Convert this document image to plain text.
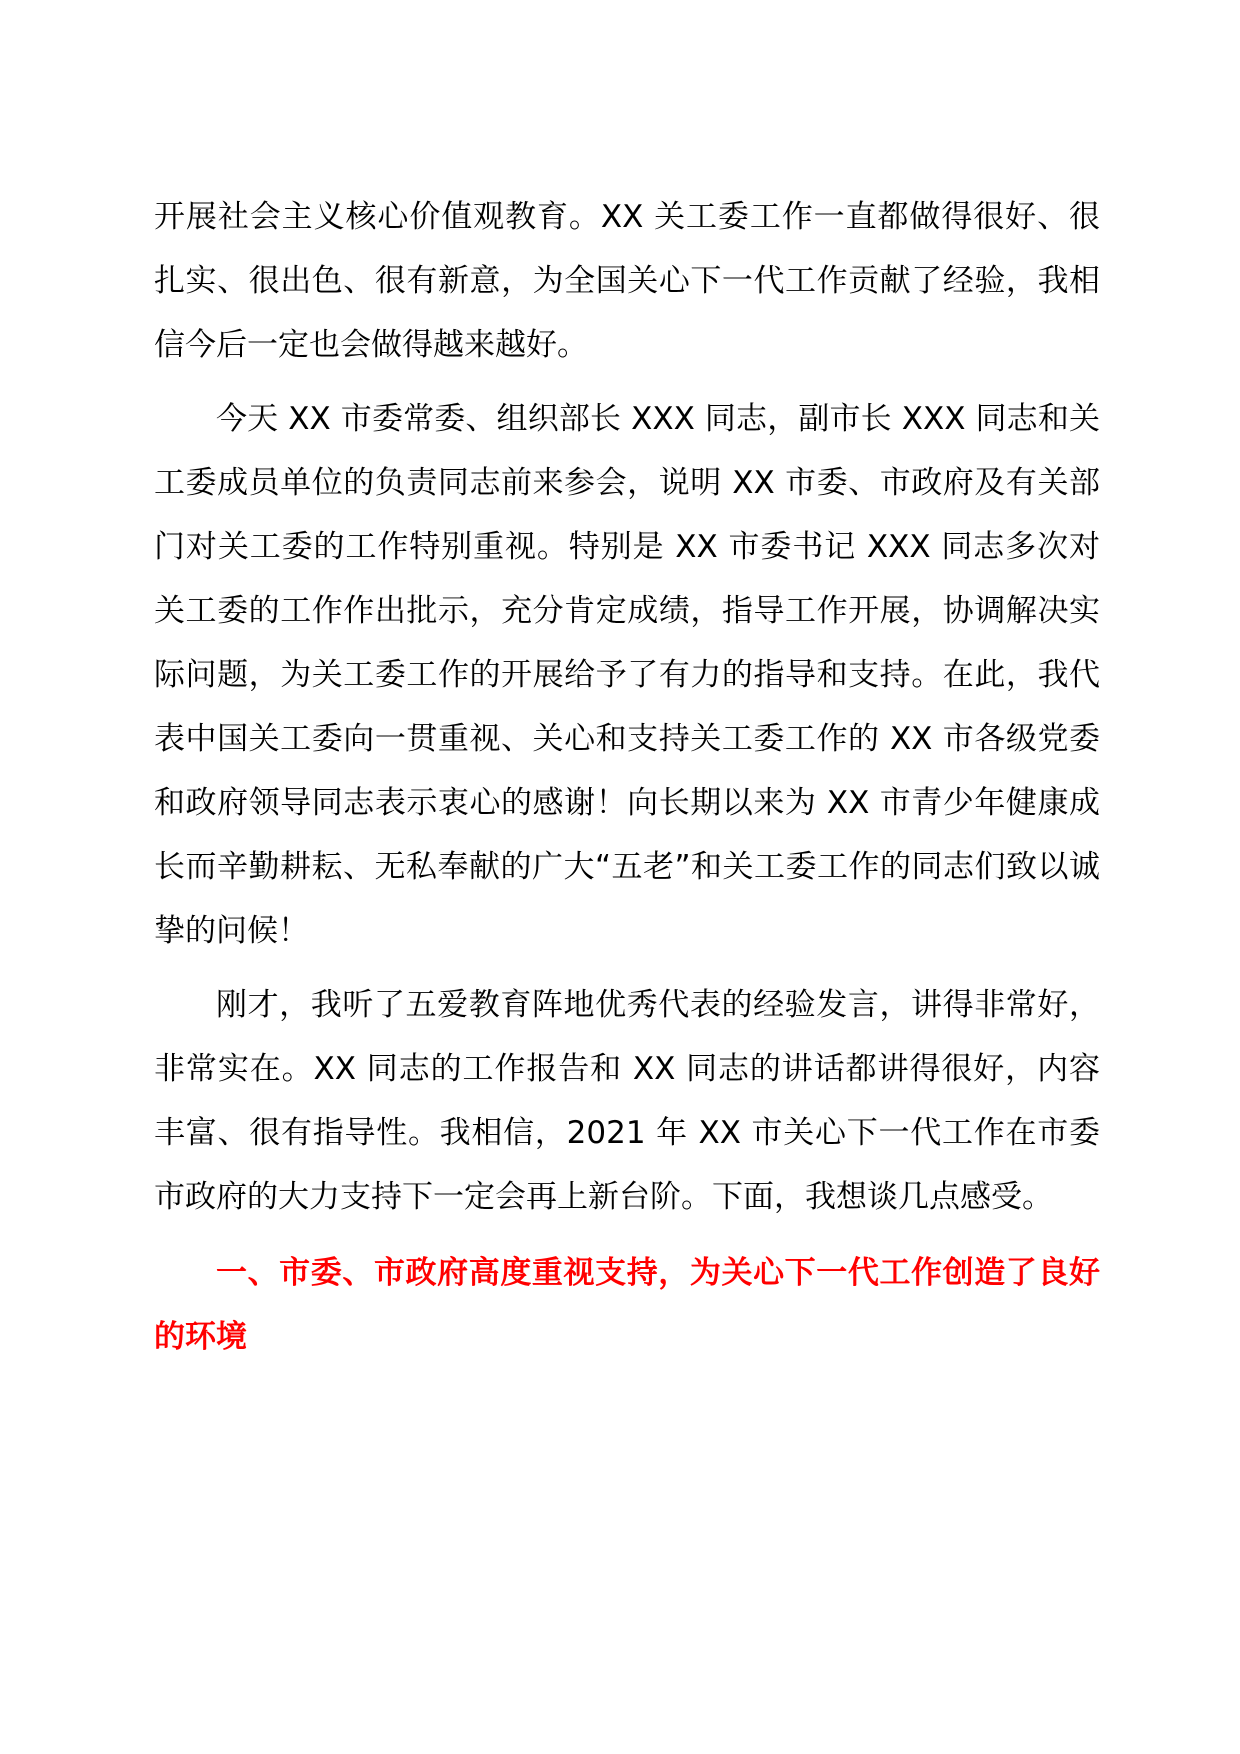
开展社会主义核心价值观教育。XX 关工委工作一直都做得很好、很扎实、很出色、很有新意，为全国关心下一代工作贡献了经验，我相信今后一定也会做得越来越好。

今天 XX 市委常委、组织部长 XXX 同志，副市长 XXX 同志和关工委成员单位的负责同志前来参会，说明 XX 市委、市政府及有关部门对关工委的工作特别重视。特别是 XX 市委书记 XXX 同志多次对关工委的工作作出批示，充分肯定成绩，指导工作开展，协调解决实际问题，为关工委工作的开展给予了有力的指导和支持。在此，我代表中国关工委向一贯重视、关心和支持关工委工作的 XX 市各级党委和政府领导同志表示衷心的感谢！向长期以来为 XX 市青少年健康成长而辛勤耕耘、无私奉献的广大“五老”和关工委工作的同志们致以诚挚的问候！

刚才，我听了五爱教育阵地优秀代表的经验发言，讲得非常好，非常实在。XX 同志的工作报告和 XX 同志的讲话都讲得很好，内容丰富、很有指导性。我相信，2021 年 XX 市关心下一代工作在市委市政府的大力支持下一定会再上新台阶。下面，我想谈几点感受。

一、市委、市政府高度重视支持，为关心下一代工作创造了良好的环境
